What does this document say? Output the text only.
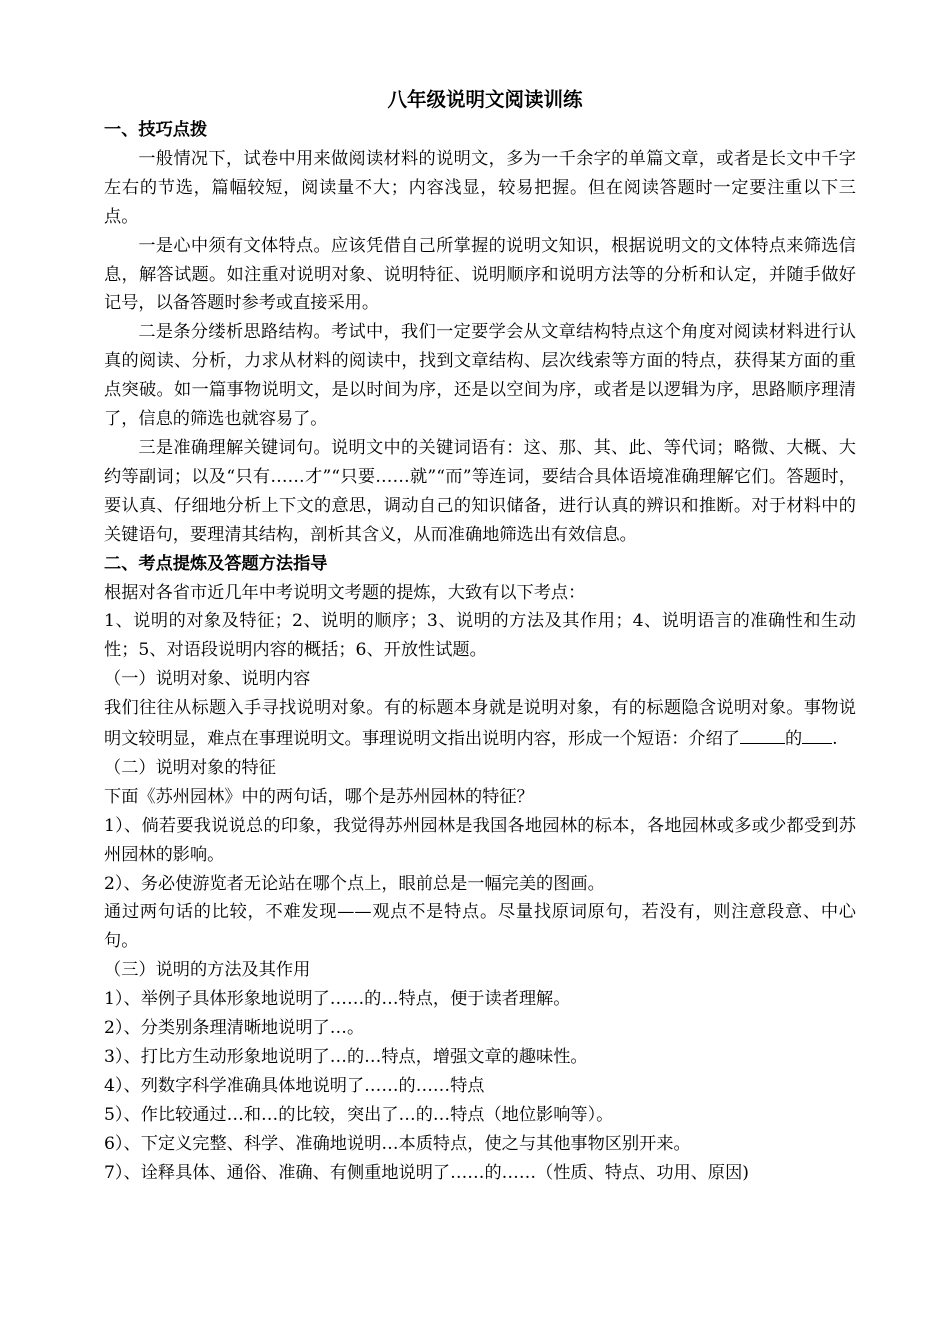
八年级说明文阅读训练
一、技巧点拨
一般情况下，试卷中用来做阅读材料的说明文，多为一千余字的单篇文章，或者是长文中千字左右的节选，篇幅较短，阅读量不大；内容浅显，较易把握。但在阅读答题时一定要注重以下三点。
一是心中须有文体特点。应该凭借自己所掌握的说明文知识，根据说明文的文体特点来筛选信息，解答试题。如注重对说明对象、说明特征、说明顺序和说明方法等的分析和认定，并随手做好记号，以备答题时参考或直接采用。
二是条分缕析思路结构。考试中，我们一定要学会从文章结构特点这个角度对阅读材料进行认真的阅读、分析，力求从材料的阅读中，找到文章结构、层次线索等方面的特点，获得某方面的重点突破。如一篇事物说明文，是以时间为序，还是以空间为序，或者是以逻辑为序，思路顺序理清了，信息的筛选也就容易了。
三是准确理解关键词句。说明文中的关键词语有：这、那、其、此、等代词；略微、大概、大约等副词；以及“只有……才”“只要……就”“而”等连词，要结合具体语境准确理解它们。答题时，要认真、仔细地分析上下文的意思，调动自己的知识储备，进行认真的辨识和推断。对于材料中的关键语句，要理清其结构，剖析其含义，从而准确地筛选出有效信息。
二、考点提炼及答题方法指导
根据对各省市近几年中考说明文考题的提炼，大致有以下考点：
1、说明的对象及特征；2、说明的顺序；3、说明的方法及其作用；4、说明语言的准确性和生动性；5、对语段说明内容的概括；6、开放性试题。
（一）说明对象、说明内容
我们往往从标题入手寻找说明对象。有的标题本身就是说明对象，有的标题隐含说明对象。事物说明文较明显，难点在事理说明文。事理说明文指出说明内容，形成一个短语：介绍了	的 .
（二）说明对象的特征
下面《苏州园林》中的两句话，哪个是苏州园林的特征？
1）、倘若要我说说总的印象，我觉得苏州园林是我国各地园林的标本，各地园林或多或少都受到苏州园林的影响。
2）、务必使游览者无论站在哪个点上，眼前总是一幅完美的图画。
通过两句话的比较，不难发现——观点不是特点。尽量找原词原句，若没有，则注意段意、中心句。
（三）说明的方法及其作用
1）、举例子具体形象地说明了……的…特点，便于读者理解。
2）、分类别条理清晰地说明了…。
3）、打比方生动形象地说明了…的…特点，增强文章的趣味性。
4）、列数字科学准确具体地说明了……的……特点
5）、作比较通过…和…的比较，突出了…的…特点（地位影响等）。
6）、下定义完整、科学、准确地说明…本质特点，使之与其他事物区别开来。
7）、诠释具体、通俗、准确、有侧重地说明了……的……（性质、特点、功用、原因)
